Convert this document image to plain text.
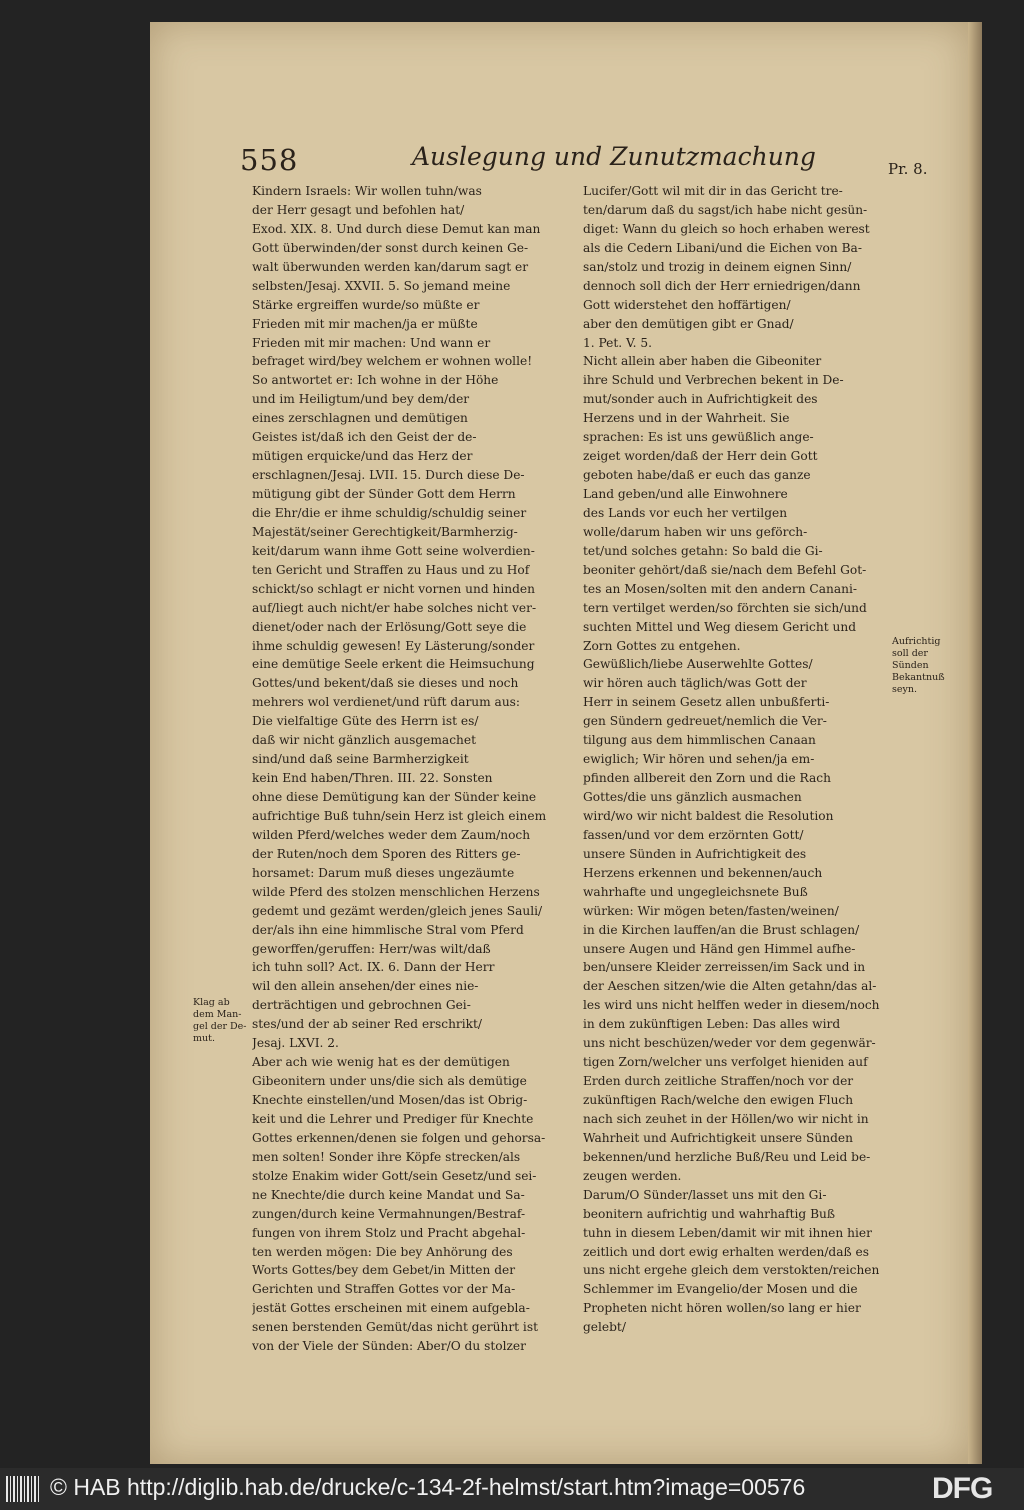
558	Auslegung und Zunutzmachung	Pr. 8.
Kindern Israels: Wir wollen tuhn/was
der Herr gesagt und befohlen hat/
Exod. XIX. 8. Und durch diese Demut kan man
Gott überwinden/der sonst durch keinen Ge-
walt überwunden werden kan/darum sagt er
selbsten/Jesaj. XXVII. 5. So jemand meine
Stärke ergreiffen wurde/so müßte er
Frieden mit mir machen/ja er müßte
Frieden mit mir machen: Und wann er
befraget wird/bey welchem er wohnen wolle!
So antwortet er: Ich wohne in der Höhe
und im Heiligtum/und bey dem/der
eines zerschlagnen und demütigen
Geistes ist/daß ich den Geist der de-
mütigen erquicke/und das Herz der
erschlagnen/Jesaj. LVII. 15. Durch diese De-
mütigung gibt der Sünder Gott dem Herrn
die Ehr/die er ihme schuldig/schuldig seiner
Majestät/seiner Gerechtigkeit/Barmherzig-
keit/darum wann ihme Gott seine wolverdien-
ten Gericht und Straffen zu Haus und zu Hof
schickt/so schlagt er nicht vornen und hinden
auf/liegt auch nicht/er habe solches nicht ver-
dienet/oder nach der Erlösung/Gott seye die
ihme schuldig gewesen! Ey Lästerung/sonder
eine demütige Seele erkent die Heimsuchung
Gottes/und bekent/daß sie dieses und noch
mehrers wol verdienet/und rüft darum aus:
Die vielfaltige Güte des Herrn ist es/
daß wir nicht gänzlich ausgemachet
sind/und daß seine Barmherzigkeit
kein End haben/Thren. III. 22. Sonsten
ohne diese Demütigung kan der Sünder keine
aufrichtige Buß tuhn/sein Herz ist gleich einem
wilden Pferd/welches weder dem Zaum/noch
der Ruten/noch dem Sporen des Ritters ge-
horsamet: Darum muß dieses ungezäumte
wilde Pferd des stolzen menschlichen Herzens
gedemt und gezämt werden/gleich jenes Sauli/
der/als ihn eine himmlische Stral vom Pferd
geworffen/geruffen: Herr/was wilt/daß
ich tuhn soll? Act. IX. 6. Dann der Herr
wil den allein ansehen/der eines nie-
derträchtigen und gebrochnen Gei-
stes/und der ab seiner Red erschrikt/
Jesaj. LXVI. 2.
Aber ach wie wenig hat es der demütigen
Gibeonitern under uns/die sich als demütige
Knechte einstellen/und Mosen/das ist Obrig-
keit und die Lehrer und Prediger für Knechte
Gottes erkennen/denen sie folgen und gehorsa-
men solten! Sonder ihre Köpfe strecken/als
stolze Enakim wider Gott/sein Gesetz/und sei-
ne Knechte/die durch keine Mandat und Sa-
zungen/durch keine Vermahnungen/Bestraf-
fungen von ihrem Stolz und Pracht abgehal-
ten werden mögen: Die bey Anhörung des
Worts Gottes/bey dem Gebet/in Mitten der
Gerichten und Straffen Gottes vor der Ma-
jestät Gottes erscheinen mit einem aufgebla-
senen berstenden Gemüt/das nicht gerührt ist
von der Viele der Sünden: Aber/O du stolzer
Lucifer/Gott wil mit dir in das Gericht tre-
ten/darum daß du sagst/ich habe nicht gesün-
diget: Wann du gleich so hoch erhaben werest
als die Cedern Libani/und die Eichen von Ba-
san/stolz und trozig in deinem eignen Sinn/
dennoch soll dich der Herr erniedrigen/dann
Gott widerstehet den hoffärtigen/
aber den demütigen gibt er Gnad/
1. Pet. V. 5.
Nicht allein aber haben die Gibeoniter
ihre Schuld und Verbrechen bekent in De-
mut/sonder auch in Aufrichtigkeit des
Herzens und in der Wahrheit. Sie
sprachen: Es ist uns gewüßlich ange-
zeiget worden/daß der Herr dein Gott
geboten habe/daß er euch das ganze
Land geben/und alle Einwohnere
des Lands vor euch her vertilgen
wolle/darum haben wir uns geförch-
tet/und solches getahn: So bald die Gi-
beoniter gehört/daß sie/nach dem Befehl Got-
tes an Mosen/solten mit den andern Canani-
tern vertilget werden/so förchten sie sich/und
suchten Mittel und Weg diesem Gericht und
Zorn Gottes zu entgehen.
Gewüßlich/liebe Auserwehlte Gottes/
wir hören auch täglich/was Gott der
Herr in seinem Gesetz allen unbußferti-
gen Sündern gedreuet/nemlich die Ver-
tilgung aus dem himmlischen Canaan
ewiglich; Wir hören und sehen/ja em-
pfinden allbereit den Zorn und die Rach
Gottes/die uns gänzlich ausmachen
wird/wo wir nicht baldest die Resolution
fassen/und vor dem erzörnten Gott/
unsere Sünden in Aufrichtigkeit des
Herzens erkennen und bekennen/auch
wahrhafte und ungegleichsnete Buß
würken: Wir mögen beten/fasten/weinen/
in die Kirchen lauffen/an die Brust schlagen/
unsere Augen und Händ gen Himmel aufhe-
ben/unsere Kleider zerreissen/im Sack und in
der Aeschen sitzen/wie die Alten getahn/das al-
les wird uns nicht helffen weder in diesem/noch
in dem zukünftigen Leben: Das alles wird
uns nicht beschüzen/weder vor dem gegenwär-
tigen Zorn/welcher uns verfolget hieniden auf
Erden durch zeitliche Straffen/noch vor der
zukünftigen Rach/welche den ewigen Fluch
nach sich zeuhet in der Höllen/wo wir nicht in
Wahrheit und Aufrichtigkeit unsere Sünden
bekennen/und herzliche Buß/Reu und Leid be-
zeugen werden.
Darum/O Sünder/lasset uns mit den Gi-
beonitern aufrichtig und wahrhaftig Buß
tuhn in diesem Leben/damit wir mit ihnen hier
zeitlich und dort ewig erhalten werden/daß es
uns nicht ergehe gleich dem verstokten/reichen
Schlemmer im Evangelio/der Mosen und die
Propheten nicht hören wollen/so lang er hier
gelebt/
Klag ab
dem Man-
gel der De-
mut.
Aufrichtig
soll der
Sünden
Bekantnuß
seyn.
© HAB http://diglib.hab.de/drucke/c-134-2f-helmst/start.htm?image=00576	DFG
